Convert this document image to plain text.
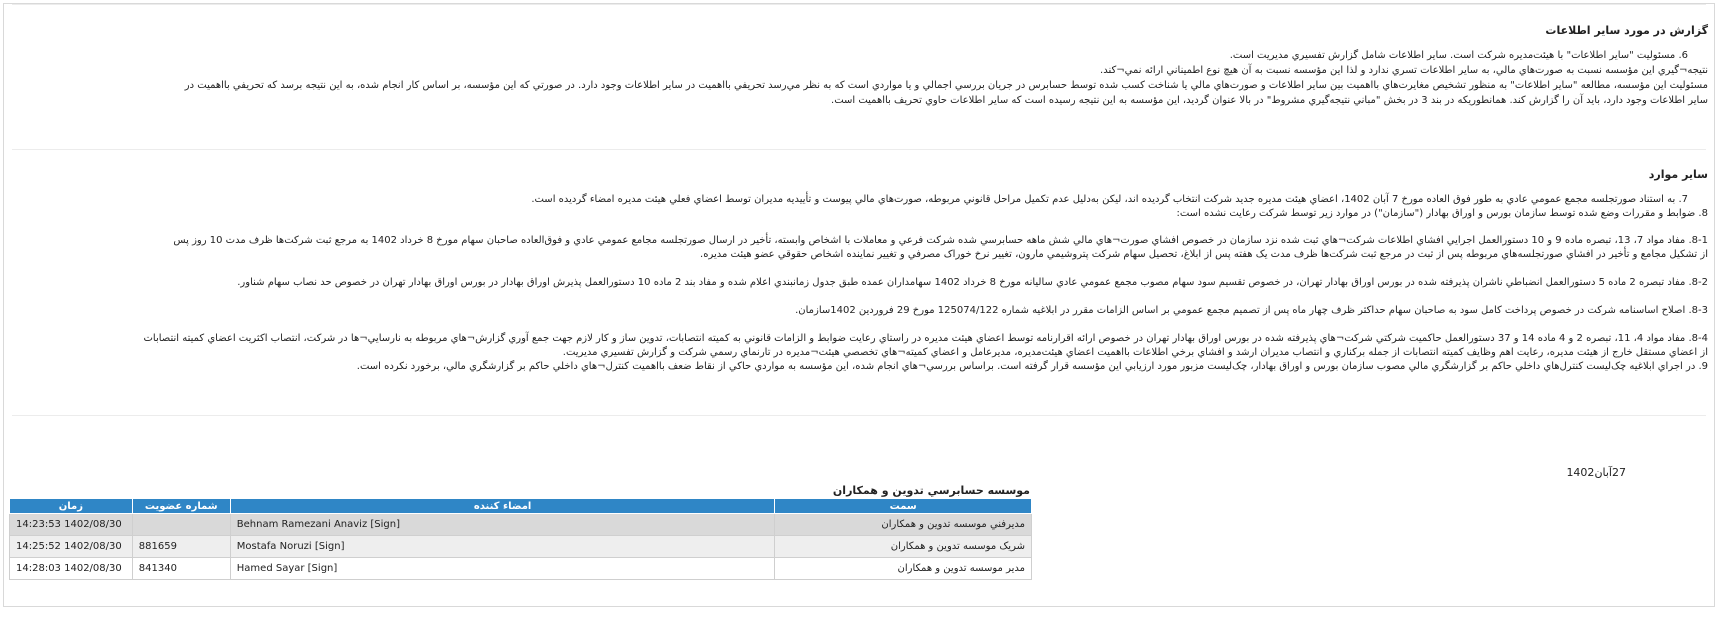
گزارش در مورد ساير اطلاعات
6. مسئوليت "ساير اطلاعات" با هيئت‌مديره شرکت است. ساير اطلاعات شامل گزارش تفسيري مديريت است.
نتيجه‌¬گيري اين مؤسسه نسبت به صورت‌هاي مالي، به ساير اطلاعات تسري ندارد و لذا اين مؤسسه نسبت به آن هيچ نوع اطميناني ارائه نمي‌¬کند.
مسئوليت اين مؤسسه، مطالعه "ساير اطلاعات" به منظور تشخيص مغايرت‌هاي بااهميت بين ساير اطلاعات و صورت‌هاي مالي يا شناخت کسب شده توسط حسابرس در جريان بررسي اجمالي و يا مواردي است که به نظر مي‌رسد تحريفي بااهميت در ساير اطلاعات وجود دارد. در صورتي که اين مؤسسه، بر اساس کار انجام شده، به اين نتيجه برسد که تحريفي بااهميت در
ساير اطلاعات وجود دارد، بايد آن را گزارش کند. همانطوريکه در بند 3 در بخش "مباني نتيجه‌گيري مشروط" در بالا عنوان گرديد، اين مؤسسه به اين نتيجه رسيده است که ساير اطلاعات حاوي تحريف بااهميت است.
ساير موارد
7. به استناد صورتجلسه مجمع عمومي عادي به طور فوق العاده مورخ 7 آبان 1402، اعضاي هيئت مديره جديد شرکت انتخاب گرديده اند، ليکن به‌دليل عدم تکميل مراحل قانوني مربوطه، صورت‌هاي مالي پيوست و تأييديه مديران توسط اعضاي فعلي هيئت مديره امضاء گرديده است.
8. ضوابط و مقررات وضع شده توسط سازمان بورس و اوراق بهادار ("سازمان") در موارد زير توسط شرکت رعايت نشده است:
8-1. مفاد مواد 7، 13، تبصره ماده 9 و 10 دستورالعمل اجرايي افشاي اطلاعات شرکت¬هاي ثبت شده نزد سازمان در خصوص افشاي صورت¬هاي مالي شش ماهه حسابرسي شده شرکت فرعي و معاملات با اشخاص وابسته، تأخير در ارسال صورتجلسه مجامع عمومي عادي و فوق‌العاده صاحبان سهام مورخ 8 خرداد 1402 به مرجع ثبت شرکت‌ها ظرف مدت 10 روز پس
از تشکيل مجامع و تأخير در افشاي صورتجلسه‌هاي مربوطه پس از ثبت در مرجع ثبت شرکت‌ها ظرف مدت يک هفته پس از ابلاغ، تحصيل سهام شرکت پتروشيمي مارون، تغيير نرخ خوراک مصرفي و تغيير نماينده اشخاص حقوقي عضو هيئت مديره.
8-2. مفاد تبصره 2 ماده 5 دستورالعمل انضباطي ناشران پذيرفته شده در بورس اوراق بهادار تهران، در خصوص تقسيم سود سهام مصوب مجمع عمومي عادي ساليانه مورخ 8 خرداد 1402 سهامداران عمده طبق جدول زمانبندي اعلام شده و مفاد بند 2 ماده 10 دستورالعمل پذيرش اوراق بهادار در بورس اوراق بهادار تهران در خصوص حد نصاب سهام شناور.
8-3. اصلاح اساسنامه شرکت در خصوص پرداخت کامل سود به صاحبان سهام حداکثر ظرف چهار ماه پس از تصميم مجمع عمومي بر اساس الزامات مقرر در ابلاغيه شماره 125074/122 مورخ 29 فروردين 1402سازمان.
8-4. مفاد مواد 4، 11، تبصره 2 و 4 ماده 14 و 37 دستورالعمل حاکميت شرکتي شرکت¬هاي پذيرفته شده در بورس اوراق بهادار تهران در خصوص ارائه اقرارنامه توسط اعضاي هيئت مديره در راستاي رعايت ضوابط و الزامات قانوني به کميته انتصابات، تدوين ساز و کار لازم جهت جمع آوري گزارش¬هاي مربوطه به نارسايي¬ها در شرکت، انتصاب اکثريت اعضاي کميته انتصابات
از اعضاي مستقل خارج از هيئت مديره، رعايت اهم وظايف کميته انتصابات از جمله برکناري و انتصاب مديران ارشد و افشاي برخي اطلاعات بااهميت اعضاي هيئت‌مديره، مديرعامل و اعضاي کميته¬هاي تخصصي هيئت¬مديره در تارنماي رسمي شرکت و گزارش تفسيري مديريت.
9. در اجراي ابلاغيه چک‌ليست کنترل‌هاي داخلي حاکم بر گزارشگري مالي مصوب سازمان بورس و اوراق بهادار، چک‌ليست مزبور مورد ارزيابي اين مؤسسه قرار گرفته است. براساس بررسي¬هاي انجام شده، اين مؤسسه به مواردي حاکي از نقاط ضعف بااهميت کنترل¬هاي داخلي حاکم بر گزارشگري مالي، برخورد نکرده است.
27آبان1402
موسسه حسابرسي تدوين و همکاران
سمت	امضاء کننده	شماره عضويت	زمان
مديرفني موسسه تدوين و همکاران	Behnam Ramezani Anaviz [Sign]		1402/08/30 14:23:53
شريک موسسه تدوين و همکاران	Mostafa Noruzi [Sign]	881659	1402/08/30 14:25:52
مدير موسسه تدوين و همکاران	Hamed Sayar [Sign]	841340	1402/08/30 14:28:03
